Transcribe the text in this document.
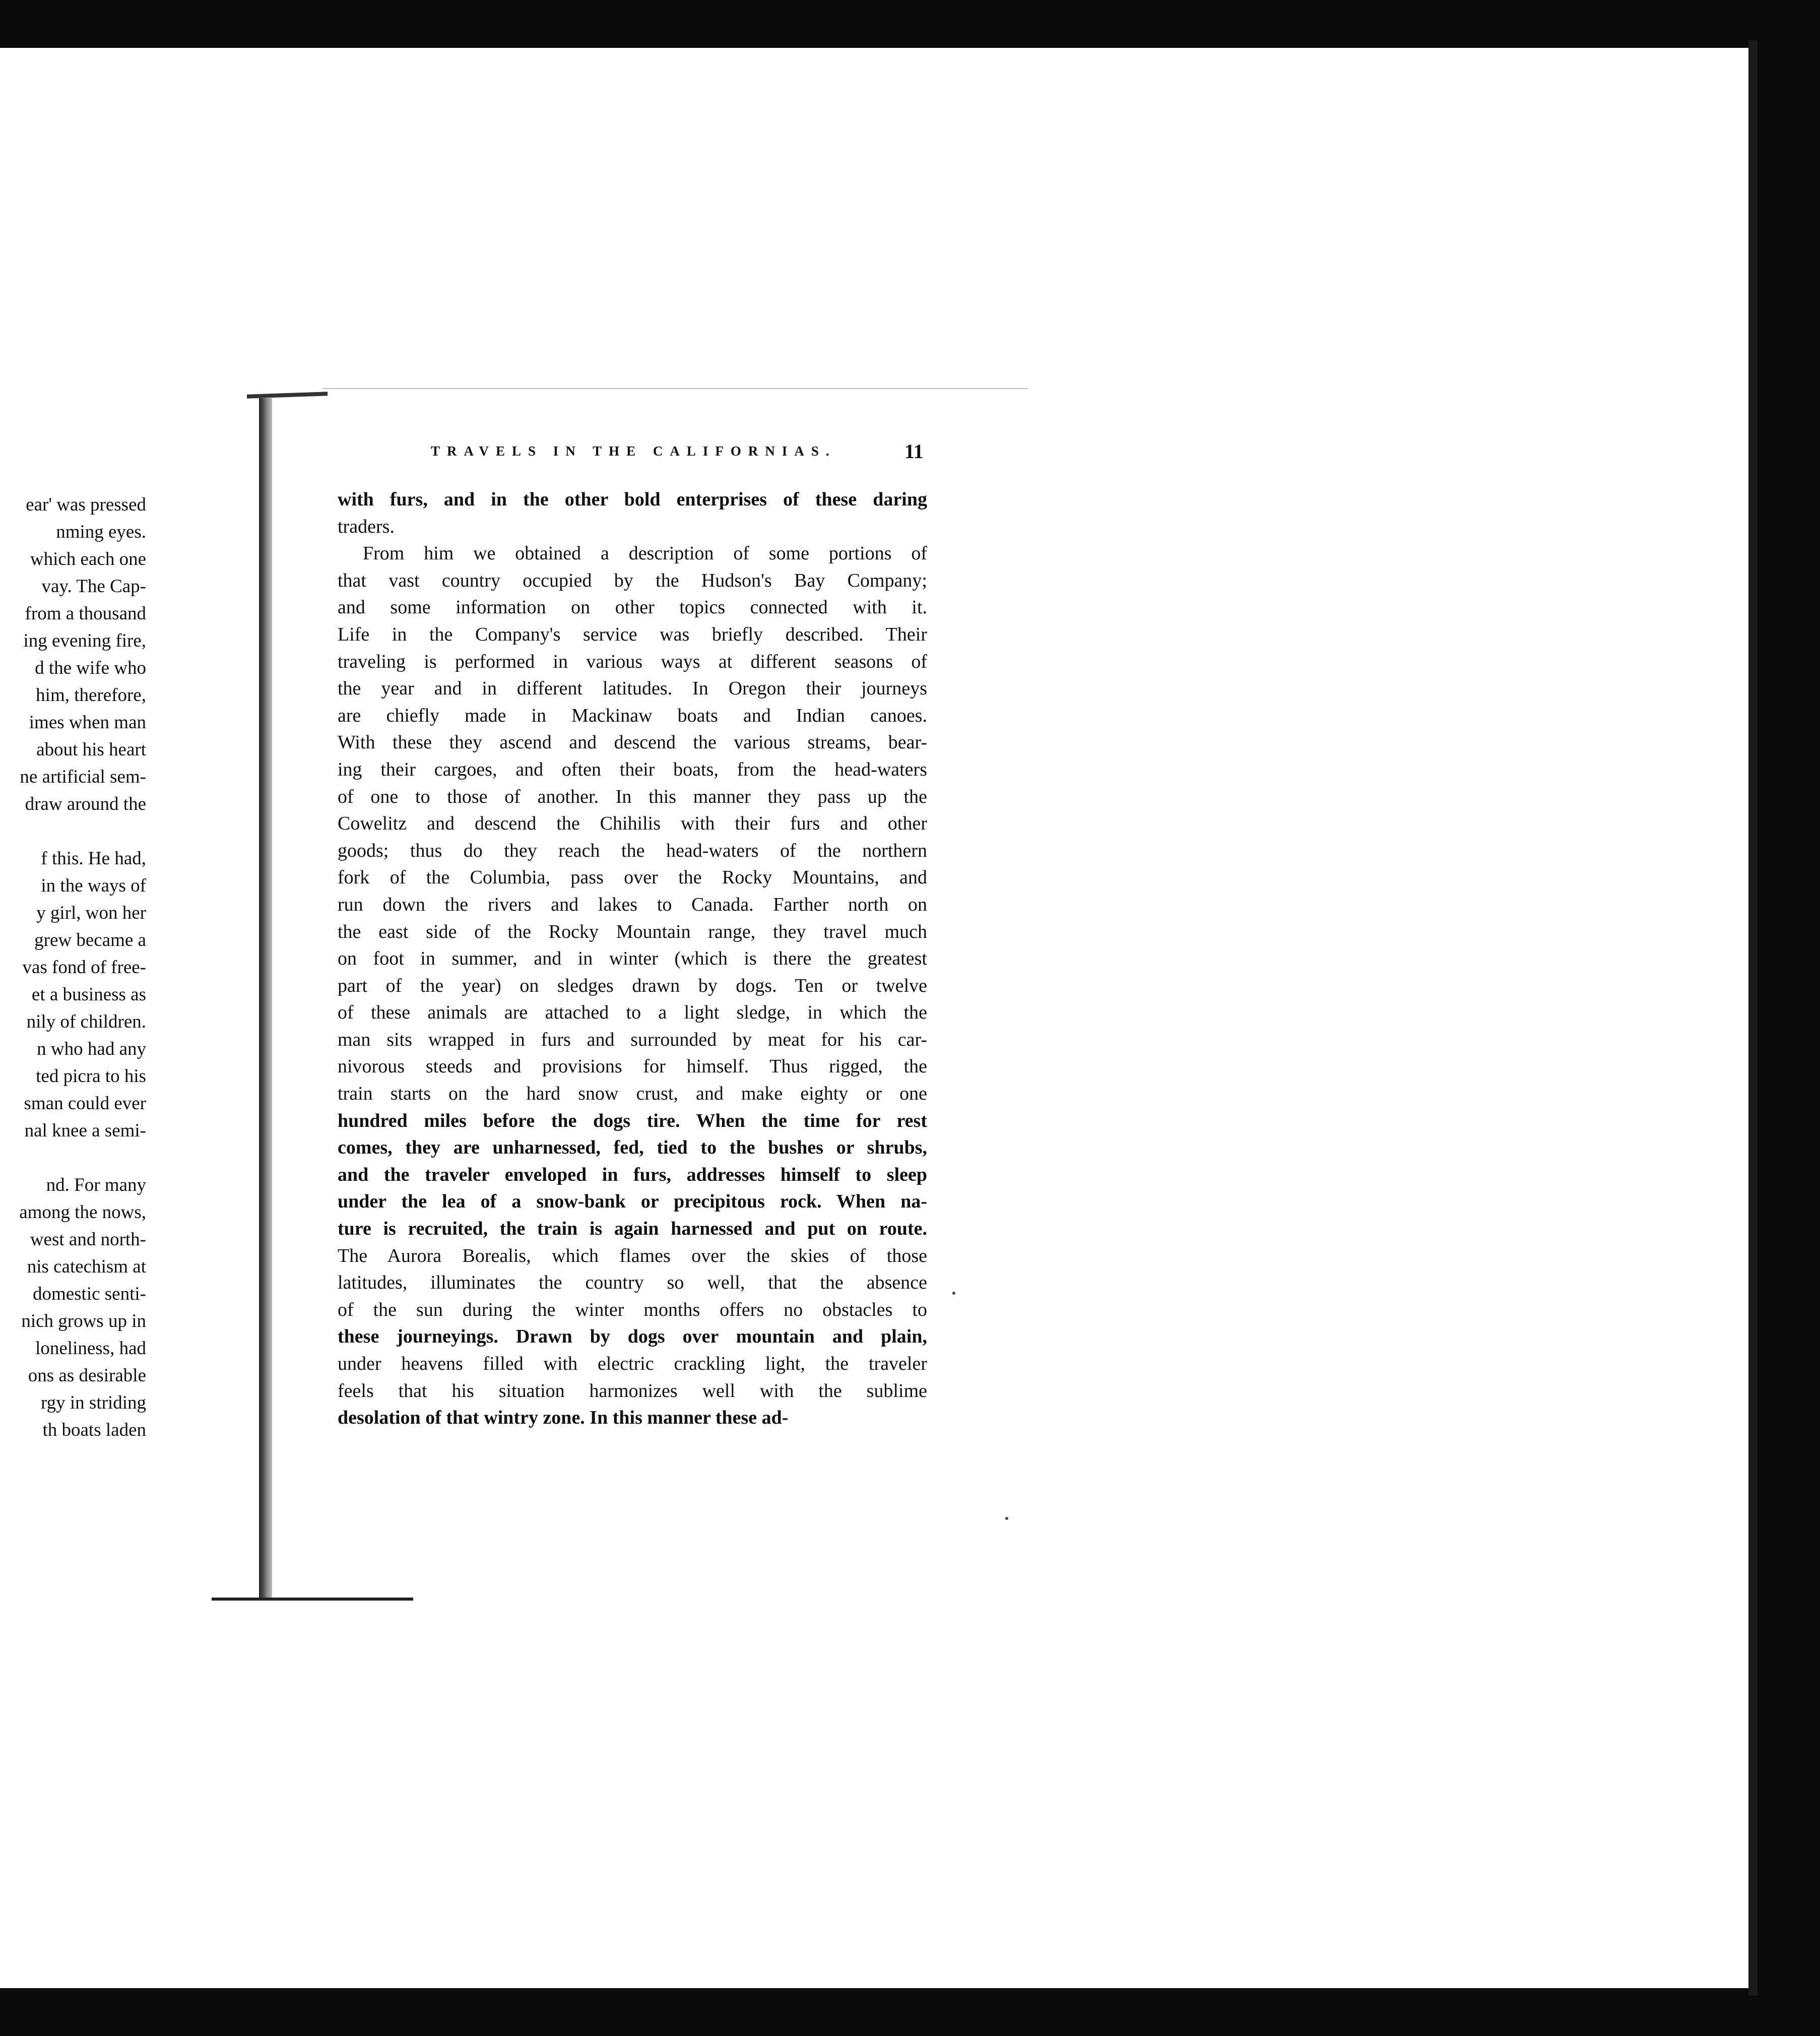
ear' was pressed
nming eyes.
which each one
vay. The Cap-
from a thousand
ing evening fire,
d the wife who
him, therefore,
imes when man
about his heart
ne artificial sem-
draw around the
f this. He had,
in the ways of
y girl, won her
grew became a
vas fond of free-
et a business as
nily of children.
n who had any
ted picra to his
sman could ever
nal knee a semi-
nd. For many
among the nows,
west and north-
nis catechism at
domestic senti-
nich grows up in
loneliness, had
ons as desirable
rgy in striding
th boats laden
TRAVELS IN THE CALIFORNIAS.	11
with furs, and in the other bold enterprises of these daring
traders.
From him we obtained a description of some portions of
that vast country occupied by the Hudson's Bay Company;
and some information on other topics connected with it.
Life in the Company's service was briefly described. Their
traveling is performed in various ways at different seasons of
the year and in different latitudes. In Oregon their journeys
are chiefly made in Mackinaw boats and Indian canoes.
With these they ascend and descend the various streams, bear-
ing their cargoes, and often their boats, from the head-waters
of one to those of another. In this manner they pass up the
Cowelitz and descend the Chihilis with their furs and other
goods; thus do they reach the head-waters of the northern
fork of the Columbia, pass over the Rocky Mountains, and
run down the rivers and lakes to Canada. Farther north on
the east side of the Rocky Mountain range, they travel much
on foot in summer, and in winter (which is there the greatest
part of the year) on sledges drawn by dogs. Ten or twelve
of these animals are attached to a light sledge, in which the
man sits wrapped in furs and surrounded by meat for his car-
nivorous steeds and provisions for himself. Thus rigged, the
train starts on the hard snow crust, and make eighty or one
hundred miles before the dogs tire. When the time for rest
comes, they are unharnessed, fed, tied to the bushes or shrubs,
and the traveler enveloped in furs, addresses himself to sleep
under the lea of a snow-bank or precipitous rock. When na-
ture is recruited, the train is again harnessed and put on route.
The Aurora Borealis, which flames over the skies of those
latitudes, illuminates the country so well, that the absence
of the sun during the winter months offers no obstacles to
these journeyings. Drawn by dogs over mountain and plain,
under heavens filled with electric crackling light, the traveler
feels that his situation harmonizes well with the sublime
desolation of that wintry zone. In this manner these ad-
